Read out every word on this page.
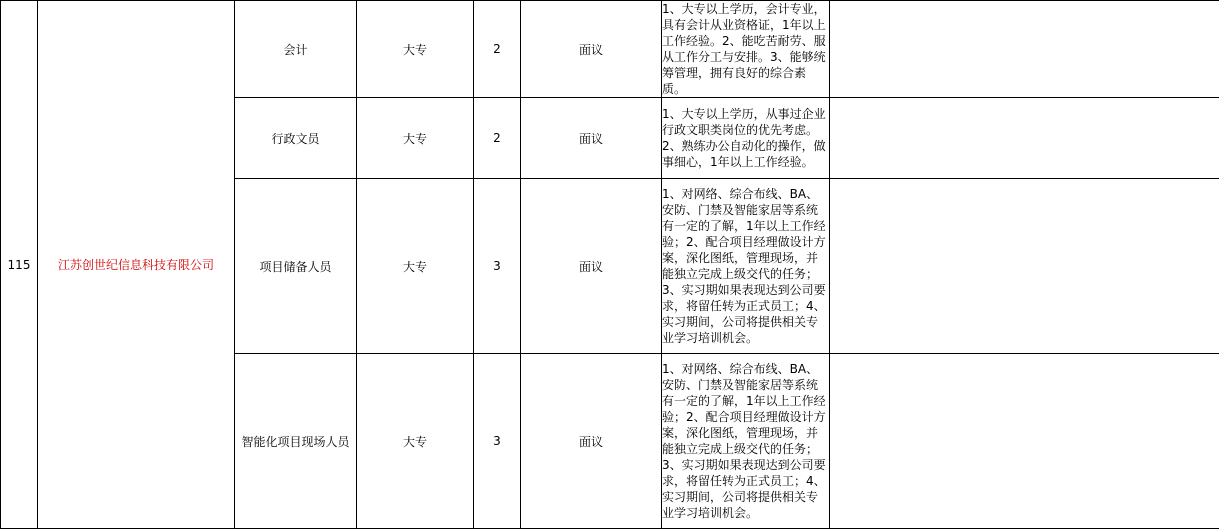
115	江苏创世纪信息科技有限公司	会计	大专	2	面议	1、大专以上学历，会计专业，具有会计从业资格证，1年以上工作经验。2、能吃苦耐劳、服从工作分工与安排。3、能够统筹管理，拥有良好的综合素质。	
		行政文员	大专	2	面议	1、大专以上学历，从事过企业行政文职类岗位的优先考虑。2、熟练办公自动化的操作，做事细心，1年以上工作经验。	
		项目储备人员	大专	3	面议	1、对网络、综合布线、BA、安防、门禁及智能家居等系统有一定的了解，1年以上工作经验；2、配合项目经理做设计方案，深化图纸，管理现场，并能独立完成上级交代的任务；3、实习期如果表现达到公司要求，将留任转为正式员工；4、实习期间，公司将提供相关专业学习培训机会。	
		智能化项目现场人员	大专	3	面议	1、对网络、综合布线、BA、安防、门禁及智能家居等系统有一定的了解，1年以上工作经验；2、配合项目经理做设计方案，深化图纸，管理现场，并能独立完成上级交代的任务；3、实习期如果表现达到公司要求，将留任转为正式员工；4、实习期间，公司将提供相关专业学习培训机会。	
